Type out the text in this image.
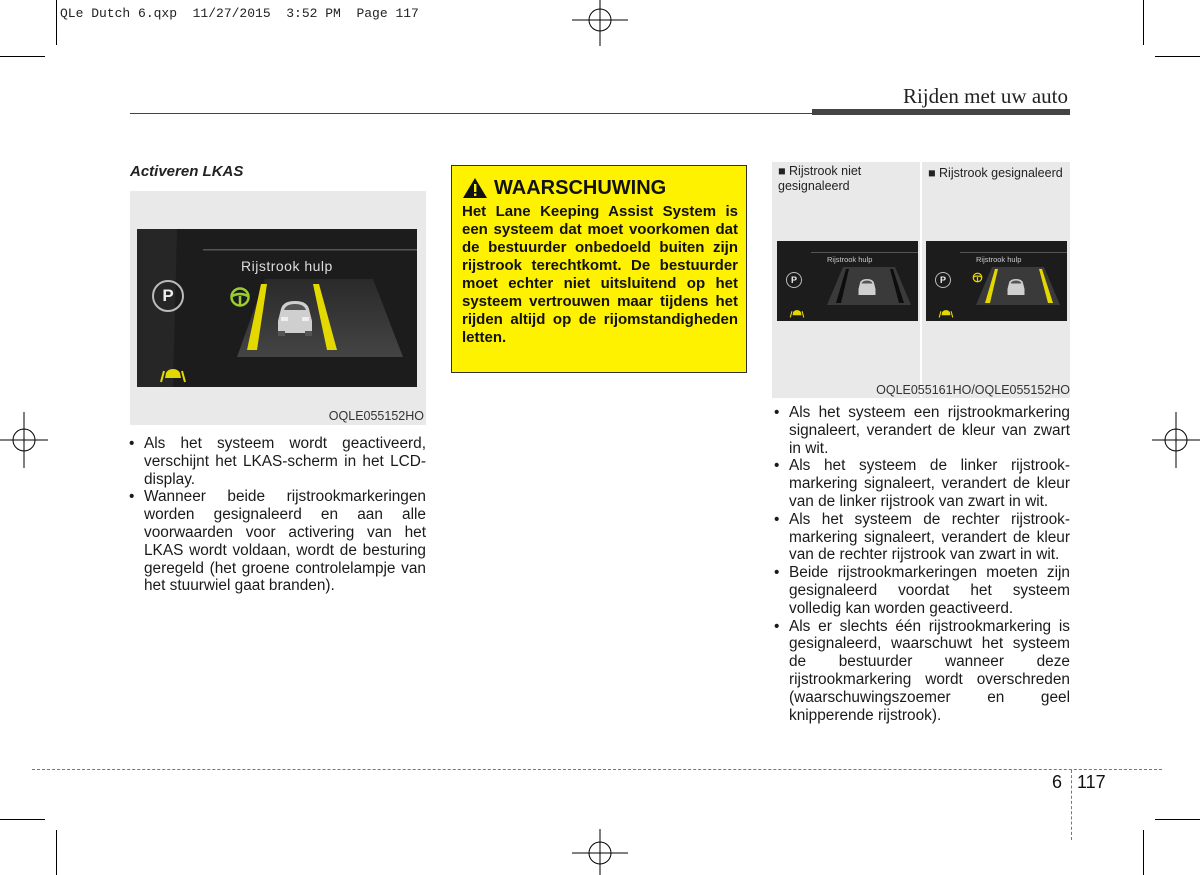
QLe Dutch 6.qxp  11/27/2015  3:52 PM  Page 117
Rijden met uw auto
Activeren LKAS
Rijstrook hulp
P
OQLE055152HO
• Als het systeem wordt geactiveerd, verschijnt het LKAS-scherm in het LCD-display.
• Wanneer beide rijstrookmarkeringen worden gesignaleerd en aan alle voorwaarden voor activering van het LKAS wordt voldaan, wordt de besturing geregeld (het groene controlelampje van het stuurwiel gaat branden).
WAARSCHUWING

Het Lane Keeping Assist System is een systeem dat moet voorkomen dat de bestuurder onbedoeld buiten zijn rijstrook terechtkomt. De bestuurder moet echter niet uitsluitend op het systeem vertrouwen maar tijdens het rijden altijd op de rijomstandigheden letten.

■ Rijstrook niet gesignaleerd
■ Rijstrook gesignaleerd
Rijstrook hulp
P
Rijstrook hulp
P
OQLE055161HO/OQLE055152HO
• Als het systeem een rijstrookmarkering signaleert, verandert de kleur van zwart in wit.
• Als het systeem de linker rijstrook-markering signaleert, verandert de kleur van de linker rijstrook van zwart in wit.
• Als het systeem de rechter rijstrook-markering signaleert, verandert de kleur van de rechter rijstrook van zwart in wit.
• Beide rijstrookmarkeringen moeten zijn gesignaleerd voordat het systeem volledig kan worden geactiveerd.
• Als er slechts één rijstrookmarkering is gesignaleerd, waarschuwt het systeem de bestuurder wanneer deze rijstrookmarkering wordt overschreden (waarschuwingszoemer en geel knipperende rijstrook).
6 117
